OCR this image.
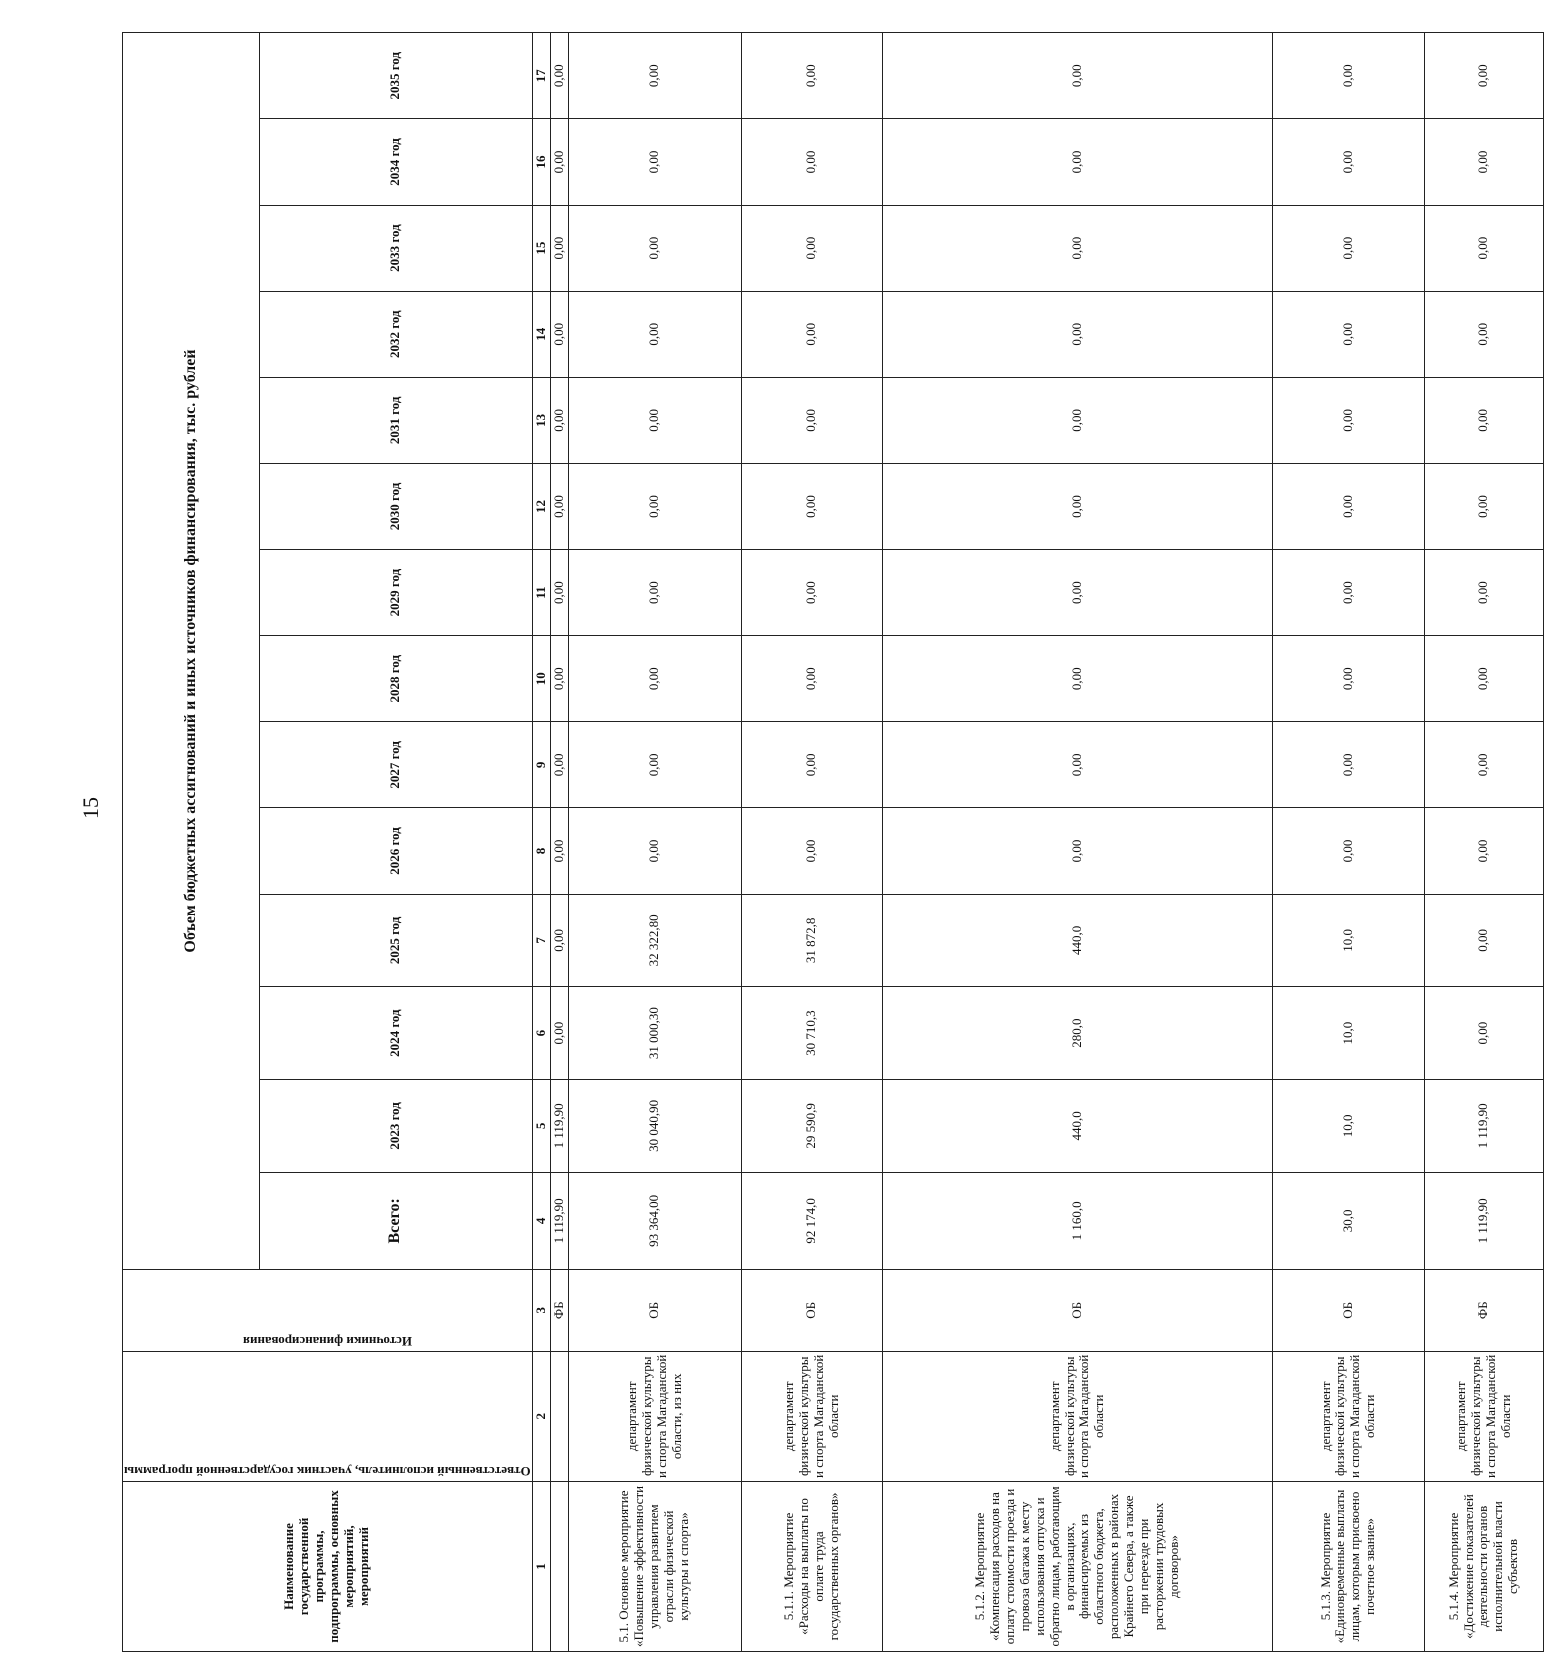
15
Наименование государственной программы, подпрограммы, основных мероприятий, мероприятий	Ответственный исполнитель, участник государственной программы	Источники финансирования	Объем бюджетных ассигнований и иных источников финансирования, тыс. рублей													
			Всего:	2023 год	2024 год	2025 год	2026 год	2027 год	2028 год	2029 год	2030 год	2031 год	2032 год	2033 год	2034 год	2035 год
1	2	3	4	5	6	7	8	9	10	11	12	13	14	15	16	17
		ФБ	1 119,90	1 119,90	0,00	0,00	0,00	0,00	0,00	0,00	0,00	0,00	0,00	0,00	0,00	0,00
5.1. Основное мероприятие «Повышение эффективности управления развитием отрасли физической культуры и спорта»	департамент физической культуры и спорта Магаданской области, из них	ОБ	93 364,00	30 040,90	31 000,30	32 322,80	0,00	0,00	0,00	0,00	0,00	0,00	0,00	0,00	0,00	0,00
5.1.1. Мероприятие «Расходы на выплаты по оплате труда государственных органов»	департамент физической культуры и спорта Магаданской области	ОБ	92 174,0	29 590,9	30 710,3	31 872,8	0,00	0,00	0,00	0,00	0,00	0,00	0,00	0,00	0,00	0,00
5.1.2. Мероприятие «Компенсация расходов на оплату стоимости проезда и провоза багажа к месту использования отпуска и обратно лицам, работающим в организациях, финансируемых из областного бюджета, расположенных в районах Крайнего Севера, а также при переезде при расторжении трудовых договоров»	департамент физической культуры и спорта Магаданской области	ОБ	1 160,0	440,0	280,0	440,0	0,00	0,00	0,00	0,00	0,00	0,00	0,00	0,00	0,00	0,00
5.1.3. Мероприятие «Единовременные выплаты лицам, которым присвоено почетное звание»	департамент физической культуры и спорта Магаданской области	ОБ	30,0	10,0	10,0	10,0	0,00	0,00	0,00	0,00	0,00	0,00	0,00	0,00	0,00	0,00
5.1.4. Мероприятие «Достижение показателей деятельности органов исполнительной власти субъектов	департамент физической культуры и спорта Магаданской области	ФБ	1 119,90	1 119,90	0,00	0,00	0,00	0,00	0,00	0,00	0,00	0,00	0,00	0,00	0,00	0,00
